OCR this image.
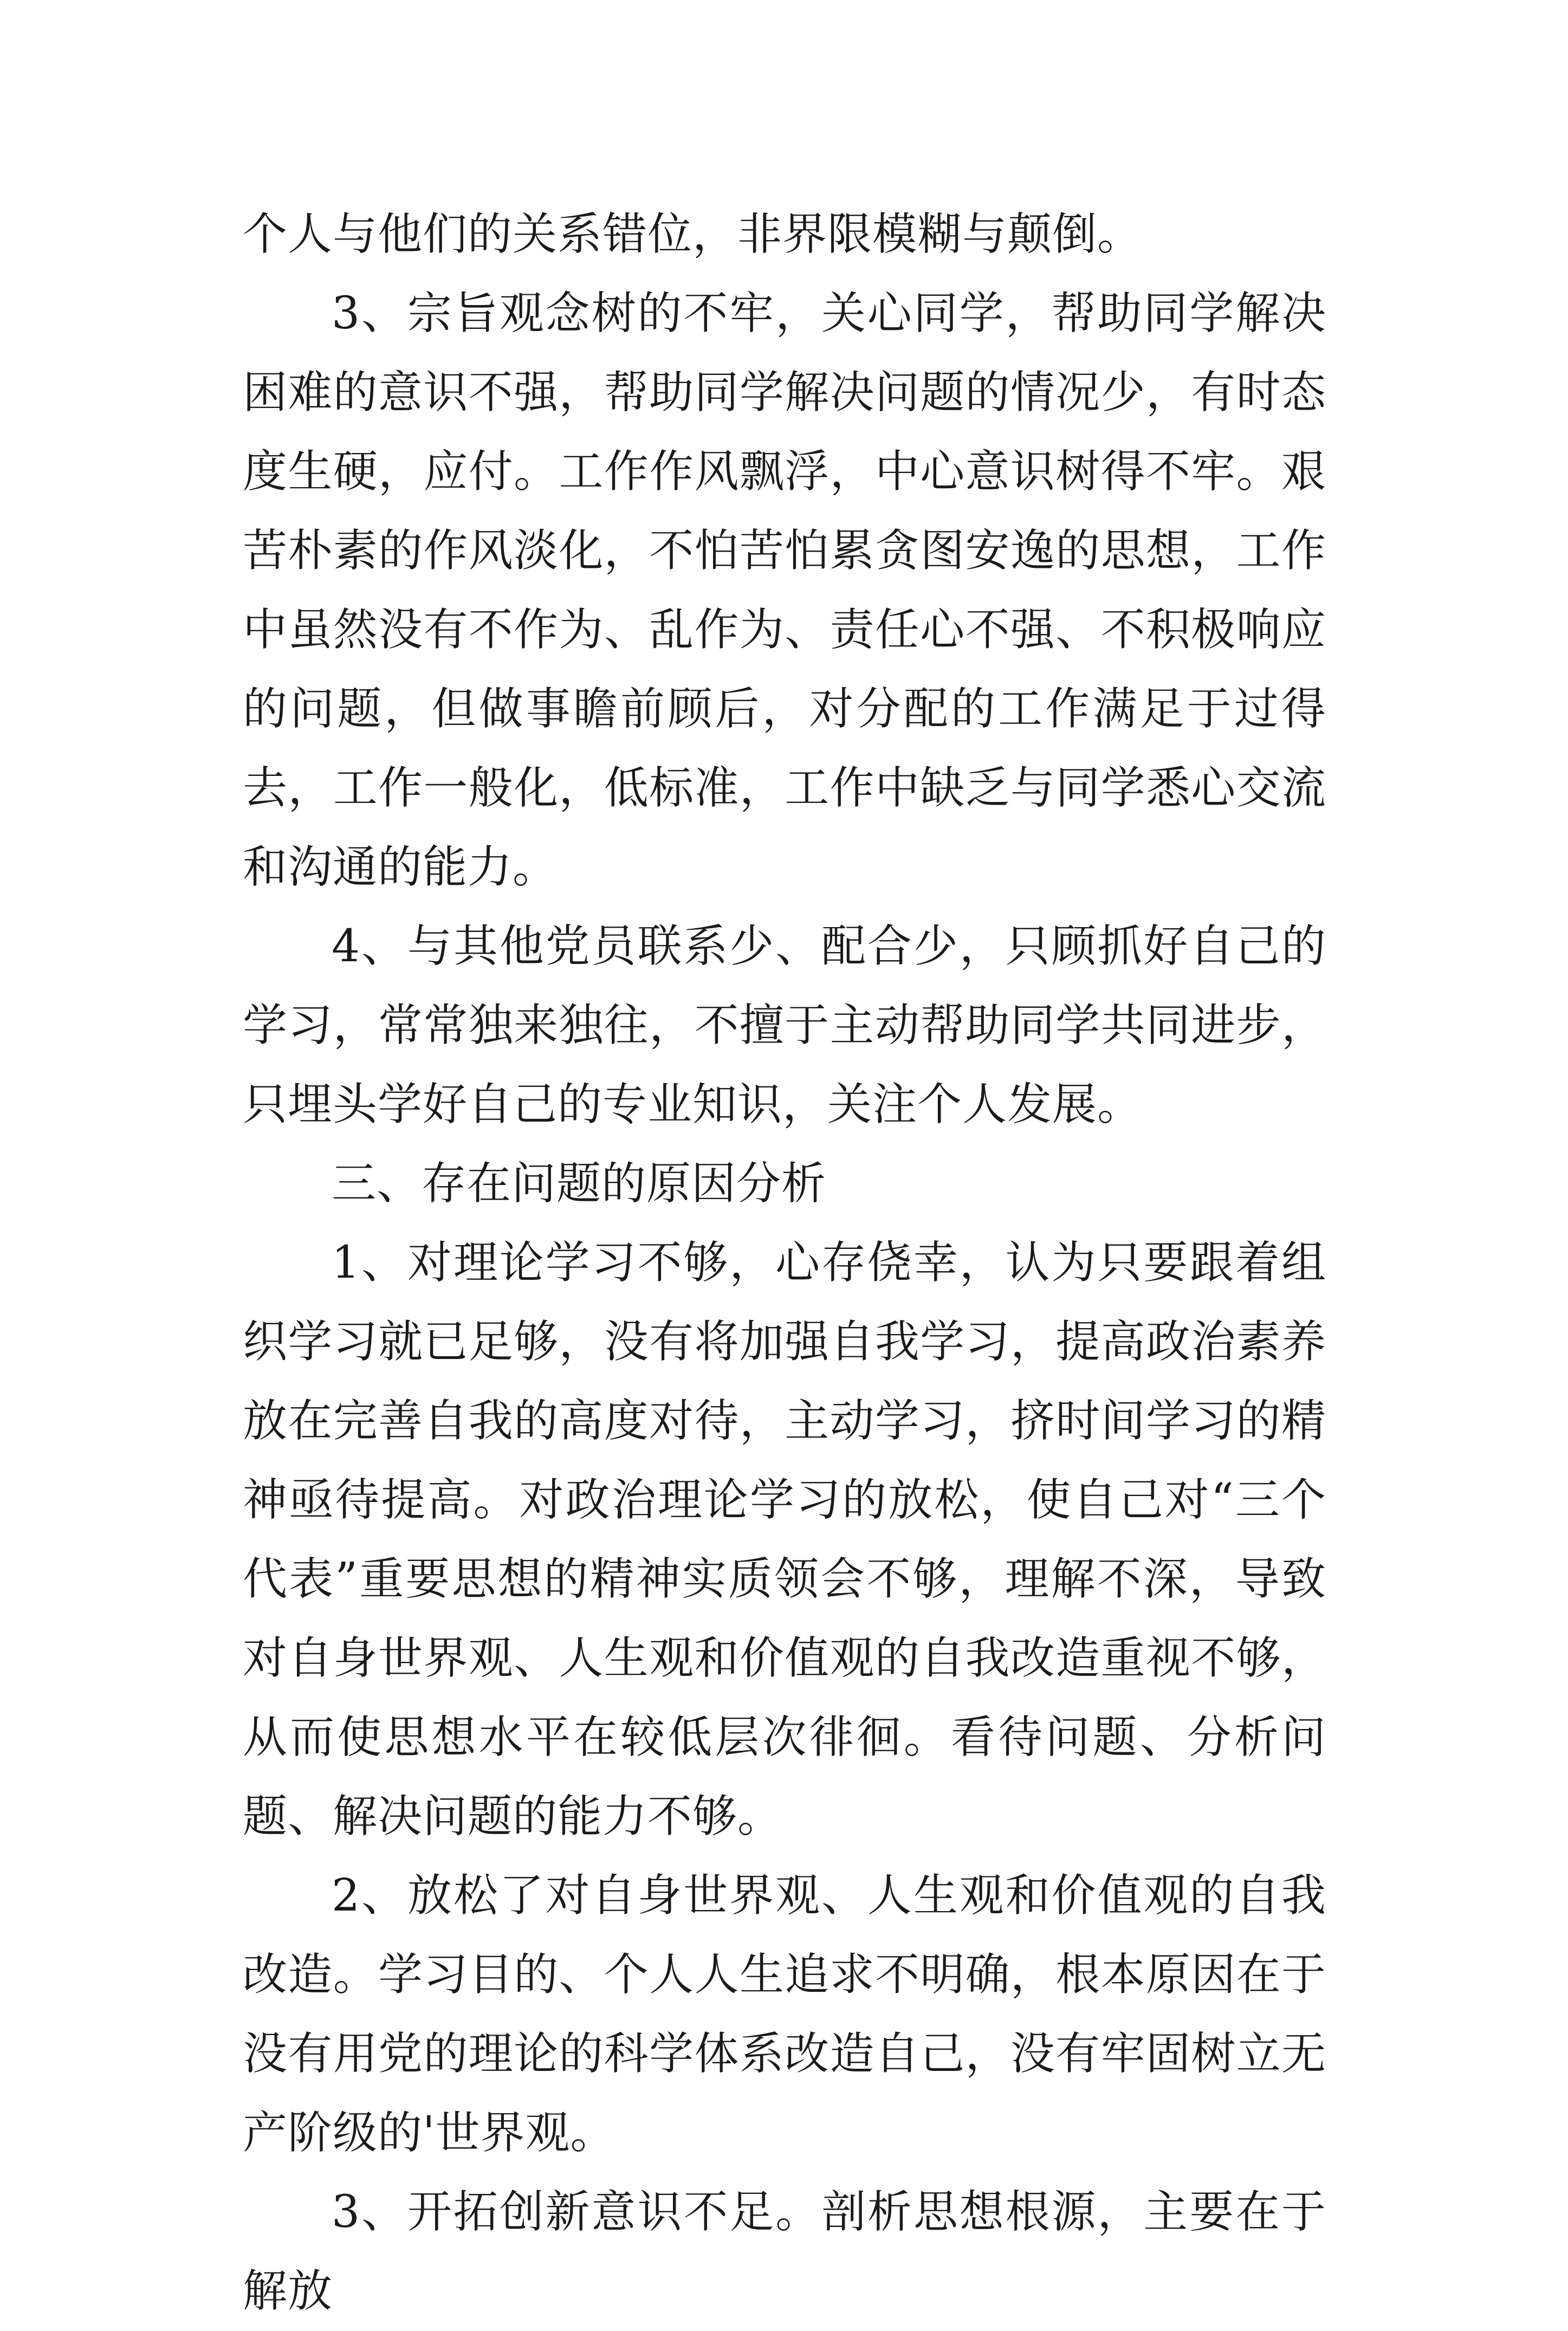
个人与他们的关系错位，非界限模糊与颠倒。

3、宗旨观念树的不牢，关心同学，帮助同学解决困难的意识不强，帮助同学解决问题的情况少，有时态度生硬，应付。工作作风飘浮，中心意识树得不牢。艰苦朴素的作风淡化，不怕苦怕累贪图安逸的思想，工作中虽然没有不作为、乱作为、责任心不强、不积极响应的问题，但做事瞻前顾后，对分配的工作满足于过得去，工作一般化，低标准，工作中缺乏与同学悉心交流和沟通的能力。

4、与其他党员联系少、配合少，只顾抓好自己的学习，常常独来独往，不擅于主动帮助同学共同进步，只埋头学好自己的专业知识，关注个人发展。

三、存在问题的原因分析

1、对理论学习不够，心存侥幸，认为只要跟着组织学习就已足够，没有将加强自我学习，提高政治素养放在完善自我的高度对待，主动学习，挤时间学习的精神亟待提高。对政治理论学习的放松，使自己对“三个代表”重要思想的精神实质领会不够，理解不深，导致对自身世界观、人生观和价值观的自我改造重视不够，从而使思想水平在较低层次徘徊。看待问题、分析问题、解决问题的能力不够。

2、放松了对自身世界观、人生观和价值观的自我改造。学习目的、个人人生追求不明确，根本原因在于没有用党的理论的科学体系改造自己，没有牢固树立无产阶级的'世界观。

3、开拓创新意识不足。剖析思想根源，主要在于解放
